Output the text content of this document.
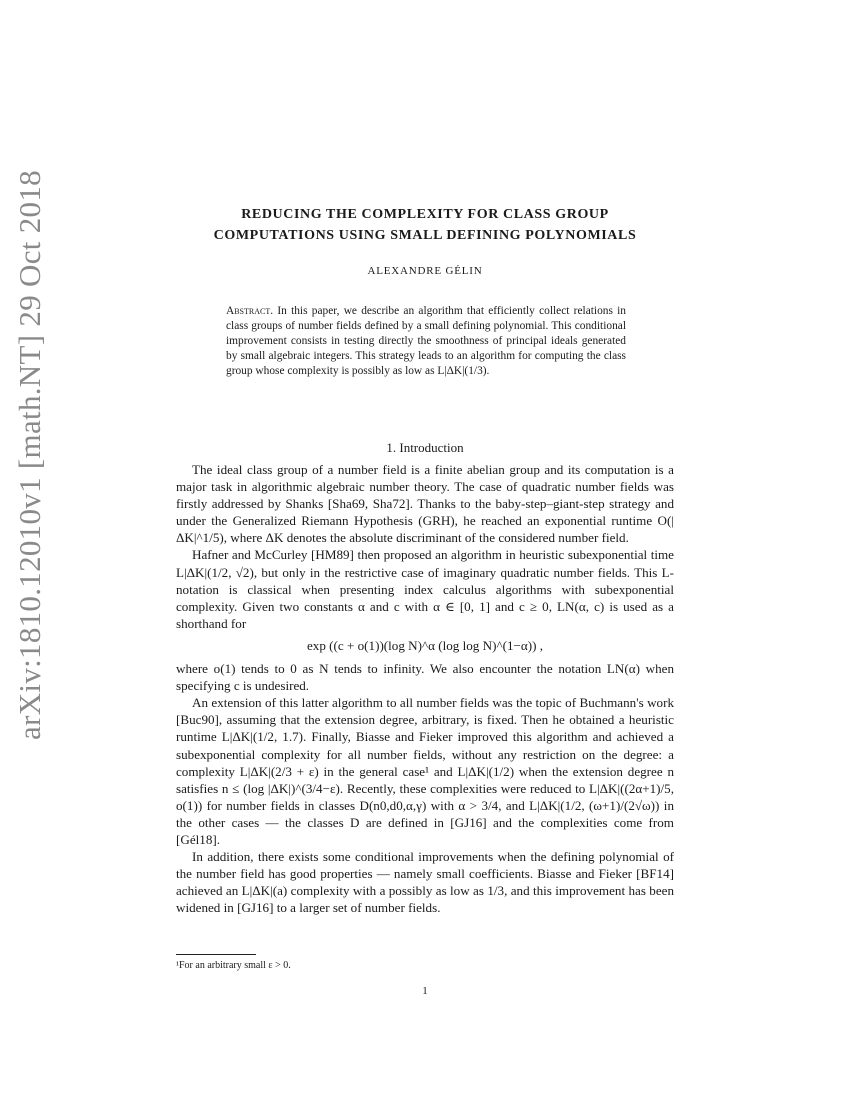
arXiv:1810.12010v1 [math.NT] 29 Oct 2018	REDUCING THE COMPLEXITY FOR CLASS GROUP
COMPUTATIONS USING SMALL DEFINING POLYNOMIALS
ALEXANDRE GÉLIN
Abstract. In this paper, we describe an algorithm that efficiently collect relations in class groups of number fields defined by a small defining polynomial. This conditional improvement consists in testing directly the smoothness of principal ideals generated by small algebraic integers. This strategy leads to an algorithm for computing the class group whose complexity is possibly as low as L|ΔK|(1/3).
1. Introduction

The ideal class group of a number field is a finite abelian group and its computation is a major task in algorithmic algebraic number theory. The case of quadratic number fields was firstly addressed by Shanks [Sha69, Sha72]. Thanks to the baby-step–giant-step strategy and under the Generalized Riemann Hypothesis (GRH), he reached an exponential runtime O(|ΔK|^1/5), where ΔK denotes the absolute discriminant of the considered number field.

Hafner and McCurley [HM89] then proposed an algorithm in heuristic subexponential time L|ΔK|(1/2, √2), but only in the restrictive case of imaginary quadratic number fields. This L-notation is classical when presenting index calculus algorithms with subexponential complexity. Given two constants α and c with α ∈ [0, 1] and c ≥ 0, LN(α, c) is used as a shorthand for

exp ((c + o(1))(log N)^α (log log N)^(1−α)) ,

where o(1) tends to 0 as N tends to infinity. We also encounter the notation LN(α) when specifying c is undesired.

An extension of this latter algorithm to all number fields was the topic of Buchmann's work [Buc90], assuming that the extension degree, arbitrary, is fixed. Then he obtained a heuristic runtime L|ΔK|(1/2, 1.7). Finally, Biasse and Fieker improved this algorithm and achieved a subexponential complexity for all number fields, without any restriction on the degree: a complexity L|ΔK|(2/3 + ε) in the general case¹ and L|ΔK|(1/2) when the extension degree n satisfies n ≤ (log |ΔK|)^(3/4−ε). Recently, these complexities were reduced to L|ΔK|((2α+1)/5, o(1)) for number fields in classes D(n0,d0,α,γ) with α > 3/4, and L|ΔK|(1/2, (ω+1)/(2√ω)) in the other cases — the classes D are defined in [GJ16] and the complexities come from [Gél18].

In addition, there exists some conditional improvements when the defining polynomial of the number field has good properties — namely small coefficients. Biasse and Fieker [BF14] achieved an L|ΔK|(a) complexity with a possibly as low as 1/3, and this improvement has been widened in [GJ16] to a larger set of number fields.

¹For an arbitrary small ε > 0.
1
